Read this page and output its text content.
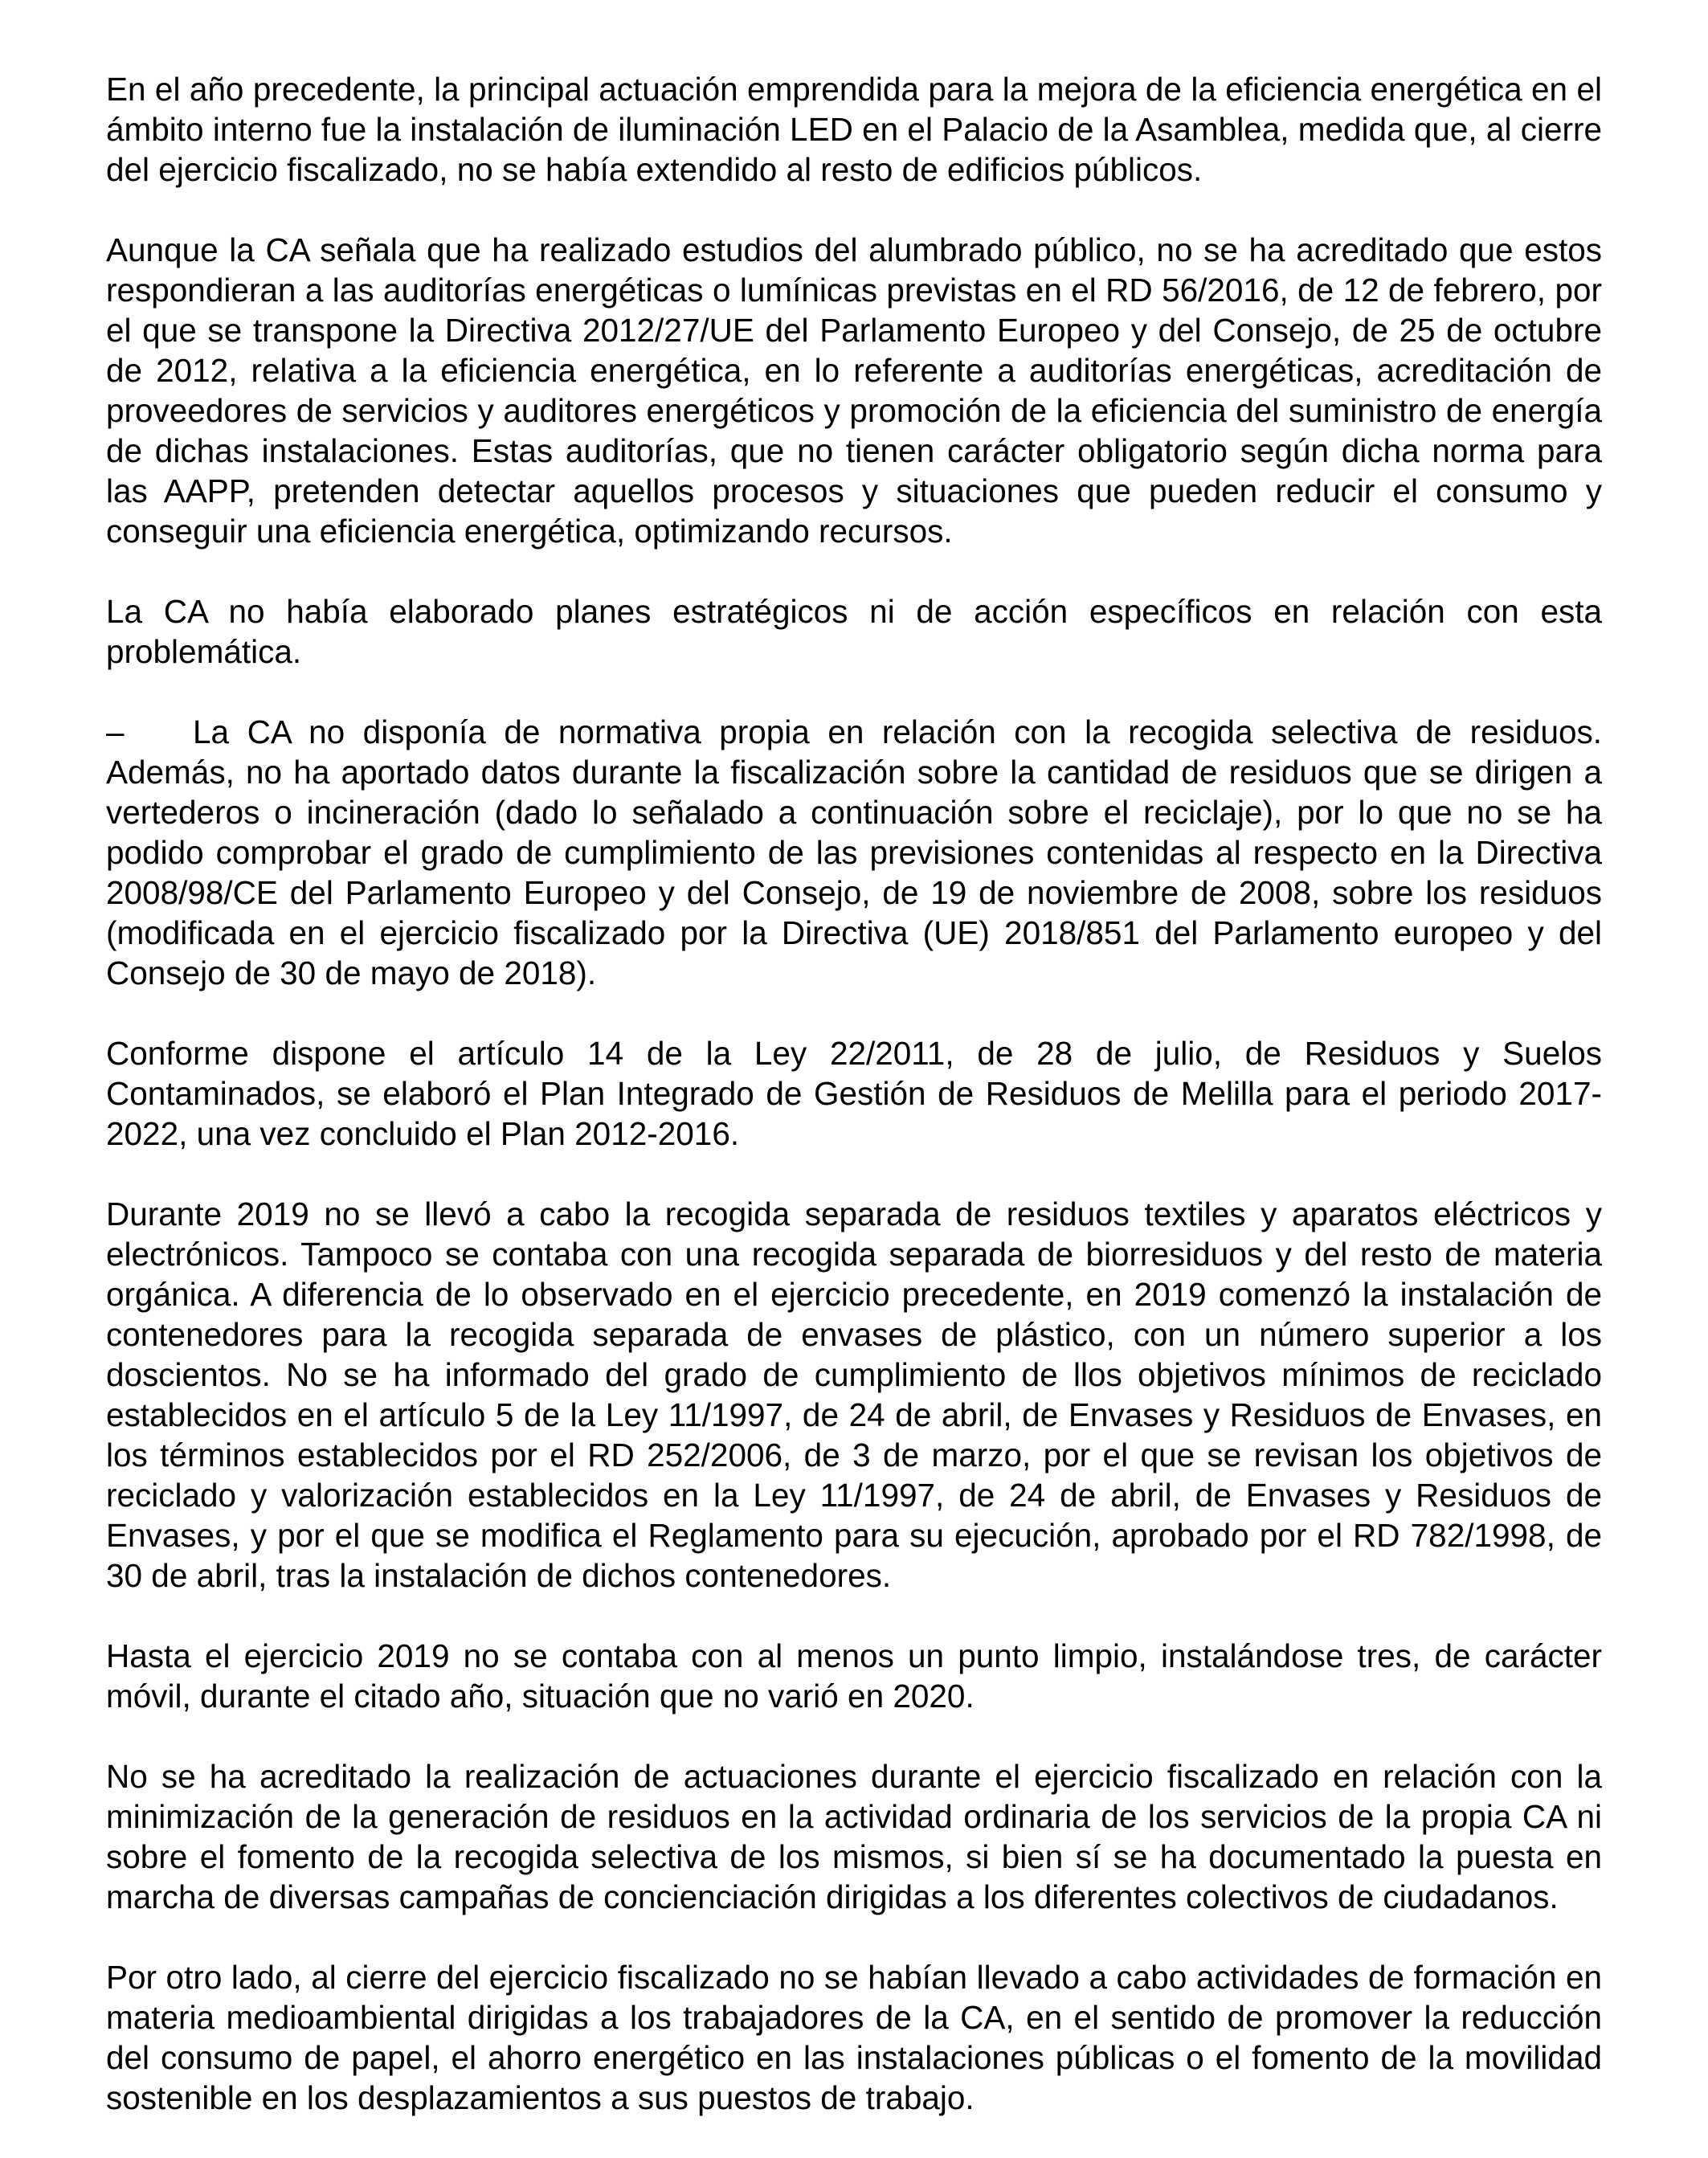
En el año precedente, la principal actuación emprendida para la mejora de la eficiencia energética en el ámbito interno fue la instalación de iluminación LED en el Palacio de la Asamblea, medida que, al cierre del ejercicio fiscalizado, no se había extendido al resto de edificios públicos.

Aunque la CA señala que ha realizado estudios del alumbrado público, no se ha acreditado que estos respondieran a las auditorías energéticas o lumínicas previstas en el RD 56/2016, de 12 de febrero, por el que se transpone la Directiva 2012/27/UE del Parlamento Europeo y del Consejo, de 25 de octubre de 2012, relativa a la eficiencia energética, en lo referente a auditorías energéticas, acreditación de proveedores de servicios y auditores energéticos y promoción de la eficiencia del suministro de energía de dichas instalaciones. Estas auditorías, que no tienen carácter obligatorio según dicha norma para las AAPP, pretenden detectar aquellos procesos y situaciones que pueden reducir el consumo y conseguir una eficiencia energética, optimizando recursos.

La CA no había elaborado planes estratégicos ni de acción específicos en relación con esta problemática.

– La CA no disponía de normativa propia en relación con la recogida selectiva de residuos. Además, no ha aportado datos durante la fiscalización sobre la cantidad de residuos que se dirigen a vertederos o incineración (dado lo señalado a continuación sobre el reciclaje), por lo que no se ha podido comprobar el grado de cumplimiento de las previsiones contenidas al respecto en la Directiva 2008/98/CE del Parlamento Europeo y del Consejo, de 19 de noviembre de 2008, sobre los residuos (modificada en el ejercicio fiscalizado por la Directiva (UE) 2018/851 del Parlamento europeo y del Consejo de 30 de mayo de 2018).

Conforme dispone el artículo 14 de la Ley 22/2011, de 28 de julio, de Residuos y Suelos Contaminados, se elaboró el Plan Integrado de Gestión de Residuos de Melilla para el periodo 2017-2022, una vez concluido el Plan 2012-2016.

Durante 2019 no se llevó a cabo la recogida separada de residuos textiles y aparatos eléctricos y electrónicos. Tampoco se contaba con una recogida separada de biorresiduos y del resto de materia orgánica. A diferencia de lo observado en el ejercicio precedente, en 2019 comenzó la instalación de contenedores para la recogida separada de envases de plástico, con un número superior a los doscientos. No se ha informado del grado de cumplimiento de llos objetivos mínimos de reciclado establecidos en el artículo 5 de la Ley 11/1997, de 24 de abril, de Envases y Residuos de Envases, en los términos establecidos por el RD 252/2006, de 3 de marzo, por el que se revisan los objetivos de reciclado y valorización establecidos en la Ley 11/1997, de 24 de abril, de Envases y Residuos de Envases, y por el que se modifica el Reglamento para su ejecución, aprobado por el RD 782/1998, de 30 de abril, tras la instalación de dichos contenedores.

Hasta el ejercicio 2019 no se contaba con al menos un punto limpio, instalándose tres, de carácter móvil, durante el citado año, situación que no varió en 2020.

No se ha acreditado la realización de actuaciones durante el ejercicio fiscalizado en relación con la minimización de la generación de residuos en la actividad ordinaria de los servicios de la propia CA ni sobre el fomento de la recogida selectiva de los mismos, si bien sí se ha documentado la puesta en marcha de diversas campañas de concienciación dirigidas a los diferentes colectivos de ciudadanos.

Por otro lado, al cierre del ejercicio fiscalizado no se habían llevado a cabo actividades de formación en materia medioambiental dirigidas a los trabajadores de la CA, en el sentido de promover la reducción del consumo de papel, el ahorro energético en las instalaciones públicas o el fomento de la movilidad sostenible en los desplazamientos a sus puestos de trabajo.
